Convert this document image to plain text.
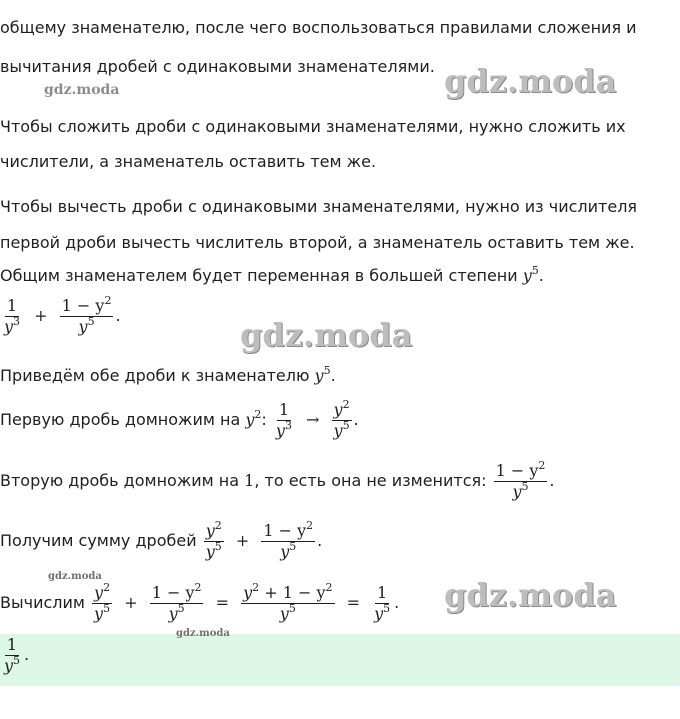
общему знаменателю, после чего воспользоваться правилами сложения и
вычитания дробей с одинаковыми знаменателями.
Чтобы сложить дроби с одинаковыми знаменателями, нужно сложить их
числители, а знаменатель оставить тем же.
Чтобы вычесть дроби с одинаковыми знаменателями, нужно из числителя
первой дроби вычесть числитель второй, а знаменатель оставить тем же.
Общим знаменателем будет переменная в большей степени $y^5$.
$\frac{1}{y^3} + \frac{1 - y^2}{y^5}$ .
Приведём обе дроби к знаменателю $y^5$.
Первую дробь домножим на $y^2$: $\frac{1}{y^3} \to \frac{y^2}{y^5}$ .
Вторую дробь домножим на 1, то есть она не изменится: $\frac{1 - y^2}{y^5}$ .
Получим сумму дробей $\frac{y^2}{y^5} + \frac{1 - y^2}{y^5}$ .
Вычислим $\frac{y^2}{y^5} + \frac{1 - y^2}{y^5} = \frac{y^2 + 1 - y^2}{y^5} = \frac{1}{y^5}$ .
$\frac{1}{y^5}$ .
gdz.moda
gdz.moda
gdz.moda
gdz.moda	gdz.moda
gdz.moda
